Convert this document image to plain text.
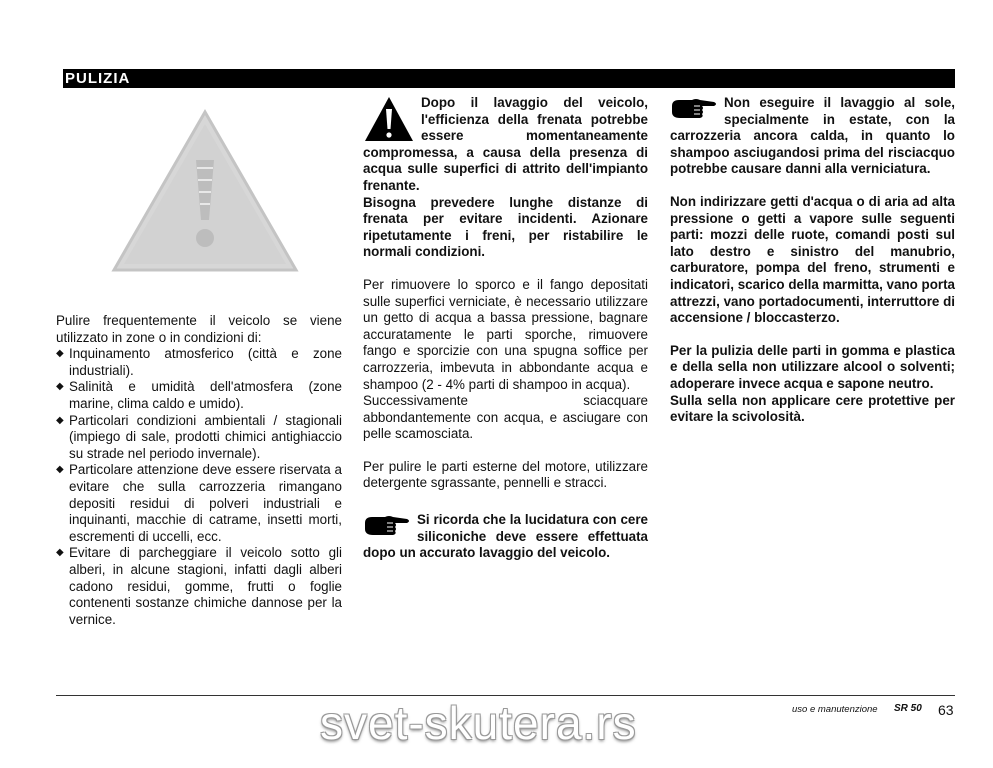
PULIZIA

Pulire frequentemente il veicolo se viene utilizzato in zone o in condizioni di:

◆ Inquinamento atmosferico (città e zone industriali).
◆ Salinità e umidità dell'atmosfera (zone marine, clima caldo e umido).
◆ Particolari condizioni ambientali / stagionali (impiego di sale, prodotti chimici antighiaccio su strade nel periodo invernale).
◆ Particolare attenzione deve essere riservata a evitare che sulla carrozzeria rimangano depositi residui di polveri industriali e inquinanti, macchie di catrame, insetti morti, escrementi di uccelli, ecc.
◆ Evitare di parcheggiare il veicolo sotto gli alberi, in alcune stagioni, infatti dagli alberi cadono residui, gomme, frutti o foglie contenenti sostanze chimiche dannose per la vernice.

Dopo il lavaggio del veicolo, l'efficienza della frenata potrebbe essere momentaneamente compromessa, a causa della presenza di acqua sulle superfici di attrito dell'impianto frenante.

Bisogna prevedere lunghe distanze di frenata per evitare incidenti. Azionare ripetutamente i freni, per ristabilire le normali condizioni.

Per rimuovere lo sporco e il fango depositati sulle superfici verniciate, è necessario utilizzare un getto di acqua a bassa pressione, bagnare accuratamente le parti sporche, rimuovere fango e sporcizie con una spugna soffice per carrozzeria, imbevuta in abbondante acqua e shampoo (2 - 4% parti di shampoo in acqua).

Successivamente sciacquare abbondantemente con acqua, e asciugare con pelle scamosciata.

Per pulire le parti esterne del motore, utilizzare detergente sgrassante, pennelli e stracci.

Si ricorda che la lucidatura con cere siliconiche deve essere effettuata dopo un accurato lavaggio del veicolo.

Non eseguire il lavaggio al sole, specialmente in estate, con la carrozzeria ancora calda, in quanto lo shampoo asciugandosi prima del risciacquo potrebbe causare danni alla verniciatura.

Non indirizzare getti d'acqua o di aria ad alta pressione o getti a vapore sulle seguenti parti: mozzi delle ruote, comandi posti sul lato destro e sinistro del manubrio, carburatore, pompa del freno, strumenti e indicatori, scarico della marmitta, vano porta attrezzi, vano portadocumenti, interruttore di accensione / bloccasterzo.

Per la pulizia delle parti in gomma e plastica e della sella non utilizzare alcool o solventi; adoperare invece acqua e sapone neutro.

Sulla sella non applicare cere protettive per evitare la scivolosità.

uso e manutenzione SR 50 63
svet-skutera.rs
